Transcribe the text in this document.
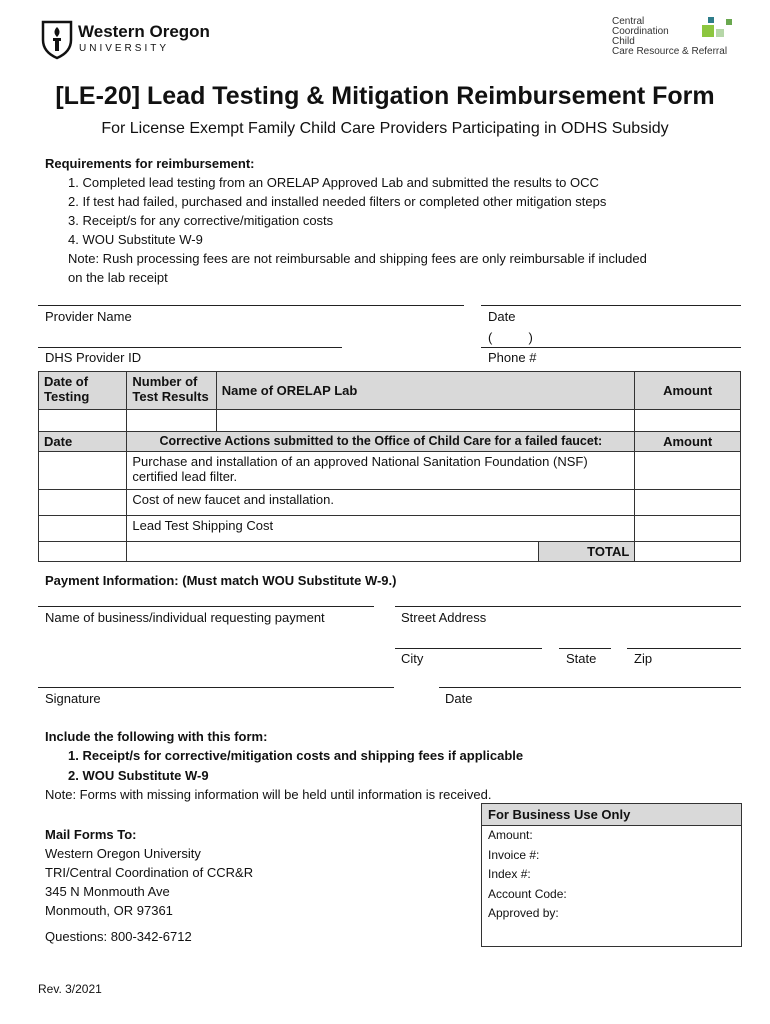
Western Oregon
UNIVERSITY
Central
Coordination
Child
Care Resource & Referral
[LE-20] Lead Testing & Mitigation Reimbursement Form
For License Exempt Family Child Care Providers Participating in ODHS Subsidy
Requirements for reimbursement:
1. Completed lead testing from an ORELAP Approved Lab and submitted the results to OCC
2. If test had failed, purchased and installed needed filters or completed other mitigation steps
3. Receipt/s for any corrective/mitigation costs
4. WOU Substitute W-9
Note: Rush processing fees are not reimbursable and shipping fees are only reimbursable if included
on the lab receipt
Provider Name	Date
(          )
DHS Provider ID	Phone #
Date of Testing	Number of Test Results	Name of ORELAP Lab		Amount

Date	Corrective Actions submitted to the Office of Child Care for a failed faucet:			Amount
	Purchase and installation of an approved National Sanitation Foundation (NSF) certified lead filter.			
	Cost of new faucet and installation.			
	Lead Test Shipping Cost			
			TOTAL	
Payment Information: (Must match WOU Substitute W-9.)
Name of business/individual requesting payment	Street Address
City	State	Zip
Signature	Date
Include the following with this form:
1. Receipt/s for corrective/mitigation costs and shipping fees if applicable
2. WOU Substitute W-9
Note: Forms with missing information will be held until information is received.
Mail Forms To:
Western Oregon University
TRI/Central Coordination of CCR&R
345 N Monmouth Ave
Monmouth, OR 97361
Questions: 800-342-6712
For Business Use Only
Amount:
Invoice #:
Index #:
Account Code:
Approved by:
Rev. 3/2021
